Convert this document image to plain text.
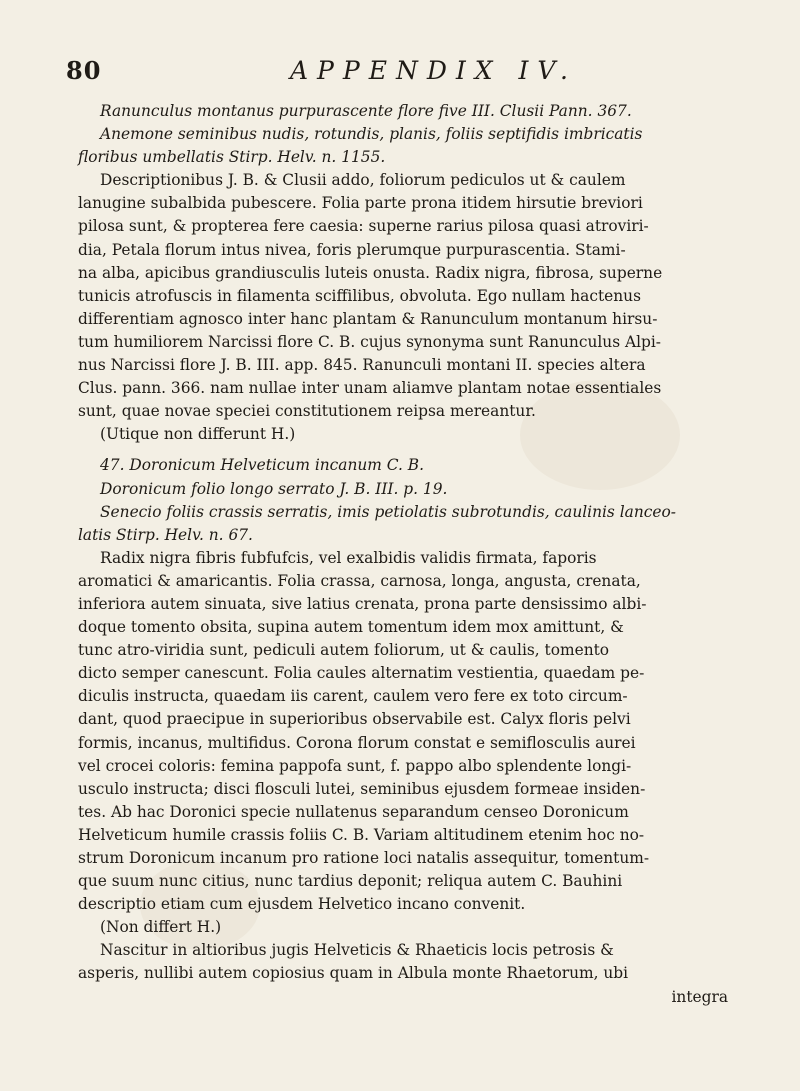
80	APPENDIX IV.

Ranunculus montanus purpurascente flore five III. Clusii Pann. 367.

Anemone seminibus nudis, rotundis, planis, foliis septifidis imbricatis

floribus umbellatis Stirp. Helv. n. 1155.

Descriptionibus J. B. & Clusii addo, foliorum pediculos ut & caulem

lanugine subalbida pubescere. Folia parte prona itidem hirsutie breviori

pilosa sunt, & propterea fere caesia: superne rarius pilosa quasi atroviri-

dia, Petala florum intus nivea, foris plerumque purpurascentia. Stami-

na alba, apicibus grandiusculis luteis onusta. Radix nigra, fibrosa, superne

tunicis atrofuscis in filamenta sciffilibus, obvoluta. Ego nullam hactenus

differentiam agnosco inter hanc plantam & Ranunculum montanum hirsu-

tum humiliorem Narcissi flore C. B. cujus synonyma sunt Ranunculus Alpi-

nus Narcissi flore J. B. III. app. 845. Ranunculi montani II. species altera

Clus. pann. 366. nam nullae inter unam aliamve plantam notae essentiales

sunt, quae novae speciei constitutionem reipsa mereantur.

(Utique non differunt H.)

47. Doronicum Helveticum incanum C. B.

Doronicum folio longo serrato J. B. III. p. 19.

Senecio foliis crassis serratis, imis petiolatis subrotundis, caulinis lanceo-

latis Stirp. Helv. n. 67.

Radix nigra fibris fubfufcis, vel exalbidis validis firmata, faporis

aromatici & amaricantis. Folia crassa, carnosa, longa, angusta, crenata,

inferiora autem sinuata, sive latius crenata, prona parte densissimo albi-

doque tomento obsita, supina autem tomentum idem mox amittunt, &

tunc atro-viridia sunt, pediculi autem foliorum, ut & caulis, tomento

dicto semper canescunt. Folia caules alternatim vestientia, quaedam pe-

diculis instructa, quaedam iis carent, caulem vero fere ex toto circum-

dant, quod praecipue in superioribus observabile est. Calyx floris pelvi

formis, incanus, multifidus. Corona florum constat e semiflosculis aurei

vel crocei coloris: femina pappofa sunt, f. pappo albo splendente longi-

usculo instructa; disci flosculi lutei, seminibus ejusdem formeae insiden-

tes. Ab hac Doronici specie nullatenus separandum censeo Doronicum

Helveticum humile crassis foliis C. B. Variam altitudinem etenim hoc no-

strum Doronicum incanum pro ratione loci natalis assequitur, tomentum-

que suum nunc citius, nunc tardius deponit; reliqua autem C. Bauhini

descriptio etiam cum ejusdem Helvetico incano convenit.

(Non differt H.)

Nascitur in altioribus jugis Helveticis & Rhaeticis locis petrosis &

asperis, nullibi autem copiosius quam in Albula monte Rhaetorum, ubi

integra
